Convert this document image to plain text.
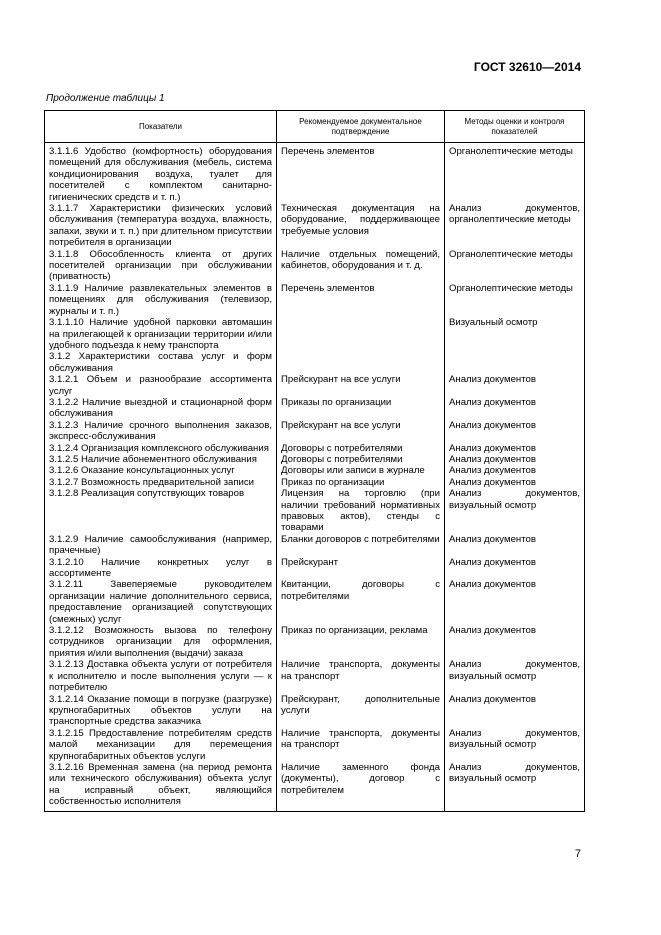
ГОСТ 32610—2014
Продолжение таблицы 1
Показатели	Рекомендуемое документальное подтверждение	Методы оценки и контроля показателей
3.1.1.6 Удобство (комфортность) оборудования помещений для обслуживания (мебель, система кондиционирования воздуха, туалет для посетителей с комплектом санитарно-гигиенических средств и т. п.)	Перечень элементов	Органолептические методы
3.1.1.7 Характеристики физических условий обслуживания (температура воздуха, влажность, запахи, звуки и т. п.) при длительном присутствии потребителя в организации	Техническая документация на оборудование, поддерживающее требуемые условия	Анализ документов, органолептические методы
3.1.1.8 Обособленность клиента от других посетителей организации при обслуживании (приватность)	Наличие отдельных помещений, кабинетов, оборудования и т. д.	Органолептические методы
3.1.1.9 Наличие развлекательных элементов в помещениях для обслуживания (телевизор, журналы и т. п.)	Перечень элементов	Органолептические методы
3.1.1.10 Наличие удобной парковки автомашин на прилегающей к организации территории и/или удобного подъезда к нему транспорта		Визуальный осмотр
3.1.2 Характеристики состава услуг и форм обслуживания		
3.1.2.1 Объем и разнообразие ассортимента услуг	Прейскурант на все услуги	Анализ документов
3.1.2.2 Наличие выездной и стационарной форм обслуживания	Приказы по организации	Анализ документов
3.1.2.3 Наличие срочного выполнения заказов, экспресс-обслуживания	Прейскурант на все услуги	Анализ документов
3.1.2.4 Организация комплексного обслуживания	Договоры с потребителями	Анализ документов
3.1.2.5 Наличие абонементного обслуживания	Договоры с потребителями	Анализ документов
3.1.2.6 Оказание консультационных услуг	Договоры или записи в журнале	Анализ документов
3.1.2.7 Возможность предварительной записи	Приказ по организации	Анализ документов
3.1.2.8 Реализация сопутствующих товаров	Лицензия на торговлю (при наличии требований нормативных правовых актов), стенды с товарами	Анализ документов, визуальный осмотр
3.1.2.9 Наличие самообслуживания (например, прачечные)	Бланки договоров с потребителями	Анализ документов
3.1.2.10 Наличие конкретных услуг в ассортименте	Прейскурант	Анализ документов
3.1.2.11 Завеперяемые руководителем организации наличие дополнительного сервиса, предоставление организацией сопутствующих (смежных) услуг	Квитанции, договоры с потребителями	Анализ документов
3.1.2.12 Возможность вызова по телефону сотрудников организации для оформления, приятия и/или выполнения (выдачи) заказа	Приказ по организации, реклама	Анализ документов
3.1.2.13 Доставка объекта услуги от потребителя к исполнителю и после выполнения услуги — к потребителю	Наличие транспорта, документы на транспорт	Анализ документов, визуальный осмотр
3.1.2.14 Оказание помощи в погрузке (разгрузке) крупногабаритных объектов услуги на транспортные средства заказчика	Прейскурант, дополнительные услуги	Анализ документов
3.1.2.15 Предоставление потребителям средств малой механизации для перемещения крупногабаритных объектов услуги	Наличие транспорта, документы на транспорт	Анализ документов, визуальный осмотр
3.1.2.16 Временная замена (на период ремонта или технического обслуживания) объекта услуг на исправный объект, являющийся собственностью исполнителя	Наличие заменного фонда (документы), договор с потребителем	Анализ документов, визуальный осмотр
7
